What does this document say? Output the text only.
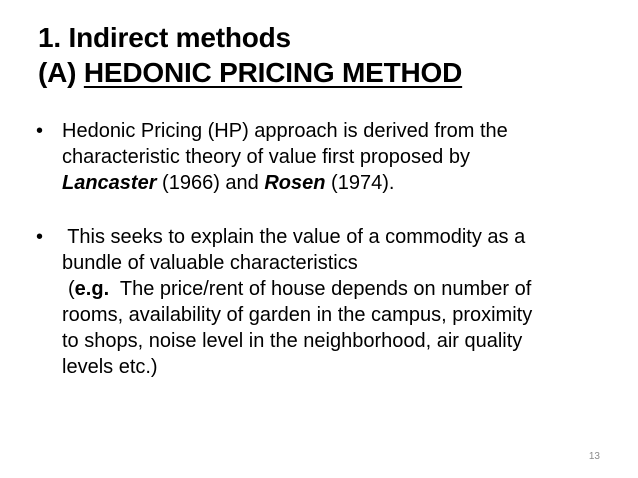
1. Indirect methods
(A) HEDONIC PRICING METHOD
• Hedonic Pricing (HP) approach is derived from the
characteristic theory of value first proposed by
Lancaster (1966) and Rosen (1974).
• This seeks to explain the value of a commodity as a
bundle of valuable characteristics
(e.g.  The price/rent of house depends on number of
rooms, availability of garden in the campus, proximity
to shops, noise level in the neighborhood, air quality
levels etc.)
13
